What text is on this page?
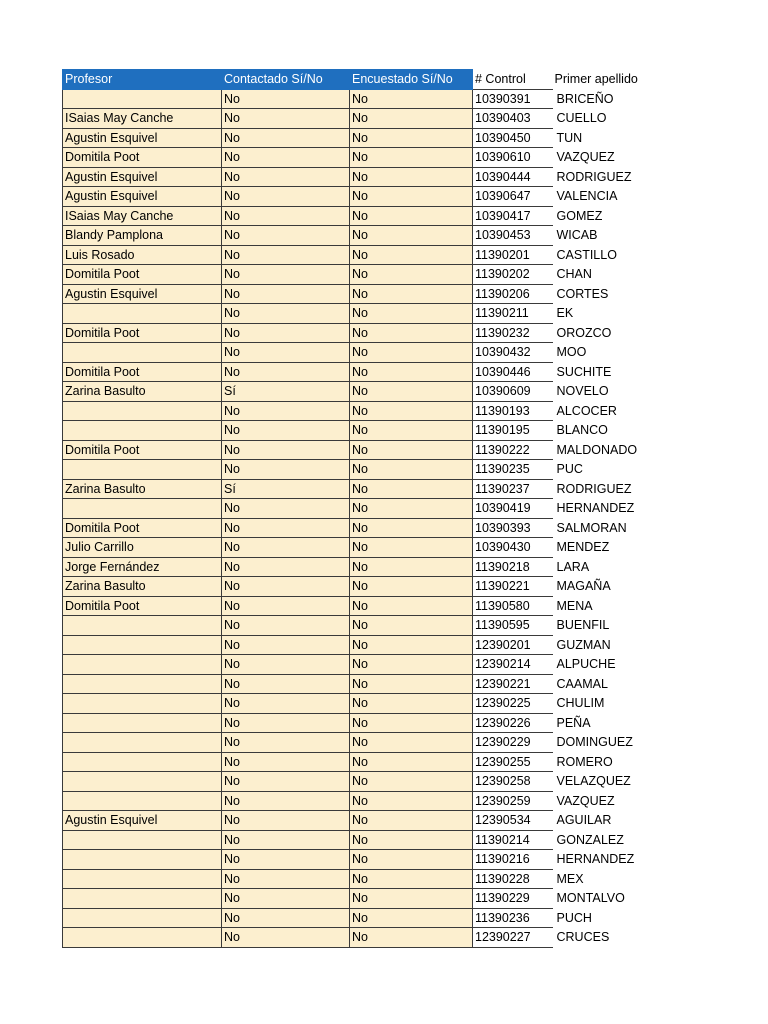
Profesor	Contactado Sí/No	Encuestado Sí/No	# Control	Primer apellido
	No	No	10390391	BRICEÑO
ISaias May Canche	No	No	10390403	CUELLO
Agustin Esquivel	No	No	10390450	TUN
Domitila Poot	No	No	10390610	VAZQUEZ
Agustin Esquivel	No	No	10390444	RODRIGUEZ
Agustin Esquivel	No	No	10390647	VALENCIA
ISaias May Canche	No	No	10390417	GOMEZ
Blandy Pamplona	No	No	10390453	WICAB
Luis Rosado	No	No	11390201	CASTILLO
Domitila Poot	No	No	11390202	CHAN
Agustin Esquivel	No	No	11390206	CORTES
	No	No	11390211	EK
Domitila Poot	No	No	11390232	OROZCO
	No	No	10390432	MOO
Domitila Poot	No	No	10390446	SUCHITE
Zarina Basulto	Sí	No	10390609	NOVELO
	No	No	11390193	ALCOCER
	No	No	11390195	BLANCO
Domitila Poot	No	No	11390222	MALDONADO
	No	No	11390235	PUC
Zarina Basulto	Sí	No	11390237	RODRIGUEZ
	No	No	10390419	HERNANDEZ
Domitila Poot	No	No	10390393	SALMORAN
Julio Carrillo	No	No	10390430	MENDEZ
Jorge Fernández	No	No	11390218	LARA
Zarina Basulto	No	No	11390221	MAGAÑA
Domitila Poot	No	No	11390580	MENA
	No	No	11390595	BUENFIL
	No	No	12390201	GUZMAN
	No	No	12390214	ALPUCHE
	No	No	12390221	CAAMAL
	No	No	12390225	CHULIM
	No	No	12390226	PEÑA
	No	No	12390229	DOMINGUEZ
	No	No	12390255	ROMERO
	No	No	12390258	VELAZQUEZ
	No	No	12390259	VAZQUEZ
Agustin Esquivel	No	No	12390534	AGUILAR
	No	No	11390214	GONZALEZ
	No	No	11390216	HERNANDEZ
	No	No	11390228	MEX
	No	No	11390229	MONTALVO
	No	No	11390236	PUCH
	No	No	12390227	CRUCES
